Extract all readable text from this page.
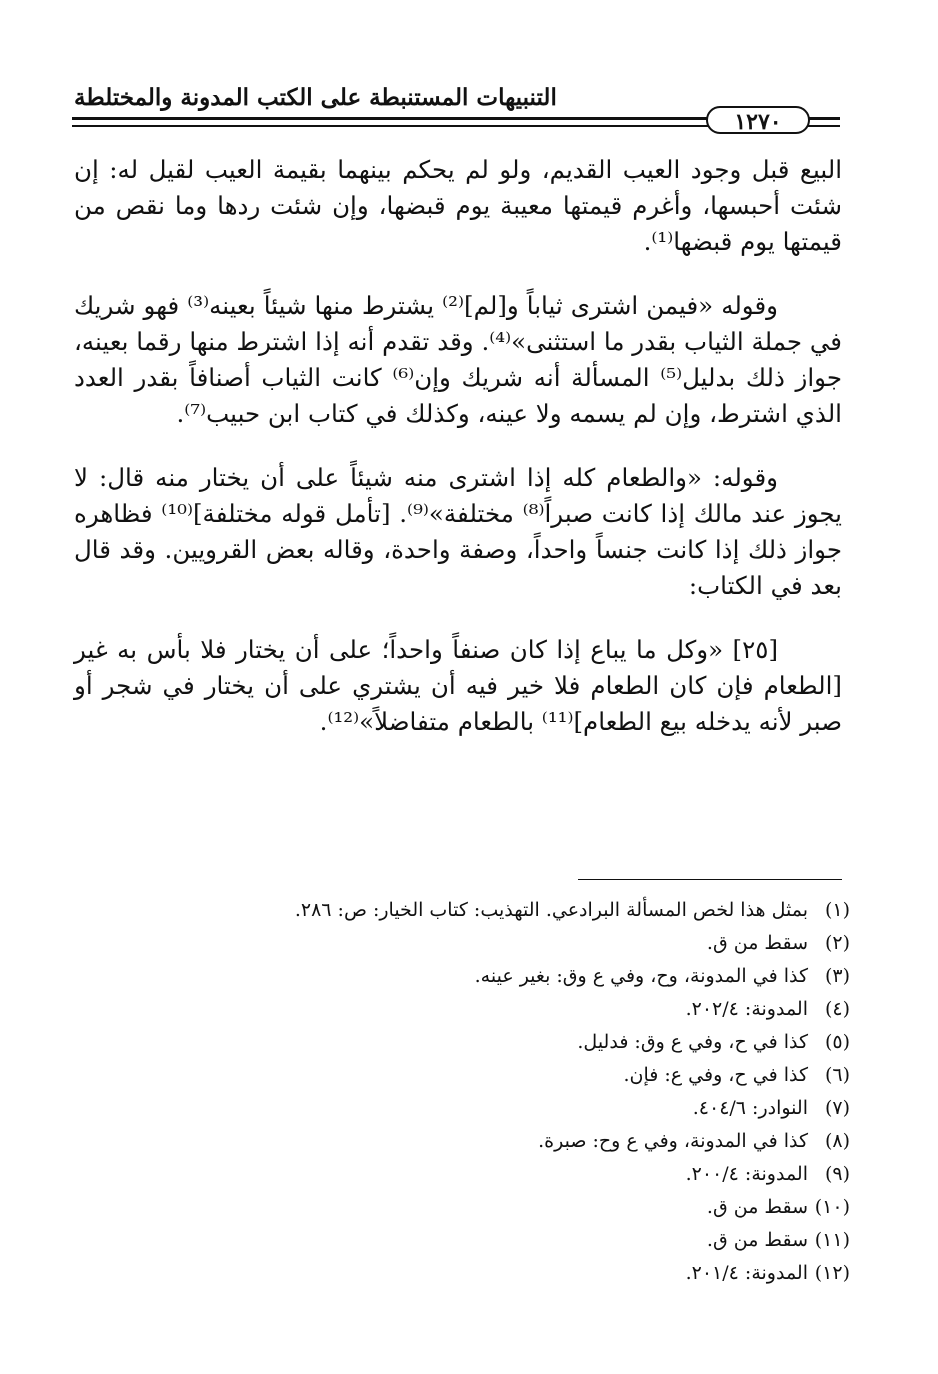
التنبيهات المستنبطة على الكتب المدونة والمختلطة
١٢٧٠

البيع قبل وجود العيب القديم، ولو لم يحكم بينهما بقيمة العيب لقيل له: إن شئت أحبسها، وأغرم قيمتها معيبة يوم قبضها، وإن شئت ردها وما نقص من قيمتها يوم قبضها⁽¹⁾.

وقوله «فيمن اشترى ثياباً و[لم]⁽²⁾ يشترط منها شيئاً بعينه⁽³⁾ فهو شريك في جملة الثياب بقدر ما استثنى»⁽⁴⁾. وقد تقدم أنه إذا اشترط منها رقما بعينه، جواز ذلك بدليل⁽⁵⁾ المسألة أنه شريك وإن⁽⁶⁾ كانت الثياب أصنافاً بقدر العدد الذي اشترط، وإن لم يسمه ولا عينه، وكذلك في كتاب ابن حبيب⁽⁷⁾.

وقوله: «والطعام كله إذا اشترى منه شيئاً على أن يختار منه قال: لا يجوز عند مالك إذا كانت صبراً⁽⁸⁾ مختلفة»⁽⁹⁾. [تأمل قوله مختلفة]⁽¹⁰⁾ فظاهره جواز ذلك إذا كانت جنساً واحداً، وصفة واحدة، وقاله بعض القرويين. وقد قال بعد في الكتاب:

[٢٥] «وكل ما يباع إذا كان صنفاً واحداً؛ على أن يختار فلا بأس به غير [الطعام فإن كان الطعام فلا خير فيه أن يشتري على أن يختار في شجر أو صبر لأنه يدخله بيع الطعام]⁽¹¹⁾ بالطعام متفاضلاً»⁽¹²⁾.

(١)بمثل هذا لخص المسألة البرادعي. التهذيب: كتاب الخيار: ص: ٢٨٦.
(٢)سقط من ق.
(٣)كذا في المدونة، وح، وفي ع وق: بغير عينه.
(٤)المدونة: ٢٠٢/٤.
(٥)كذا في ح، وفي ع وق: فدليل.
(٦)كذا في ح، وفي ع: فإن.
(٧)النوادر: ٤٠٤/٦.
(٨)كذا في المدونة، وفي ع وح: صبرة.
(٩)المدونة: ٢٠٠/٤.
(١٠)سقط من ق.
(١١)سقط من ق.
(١٢)المدونة: ٢٠١/٤.
